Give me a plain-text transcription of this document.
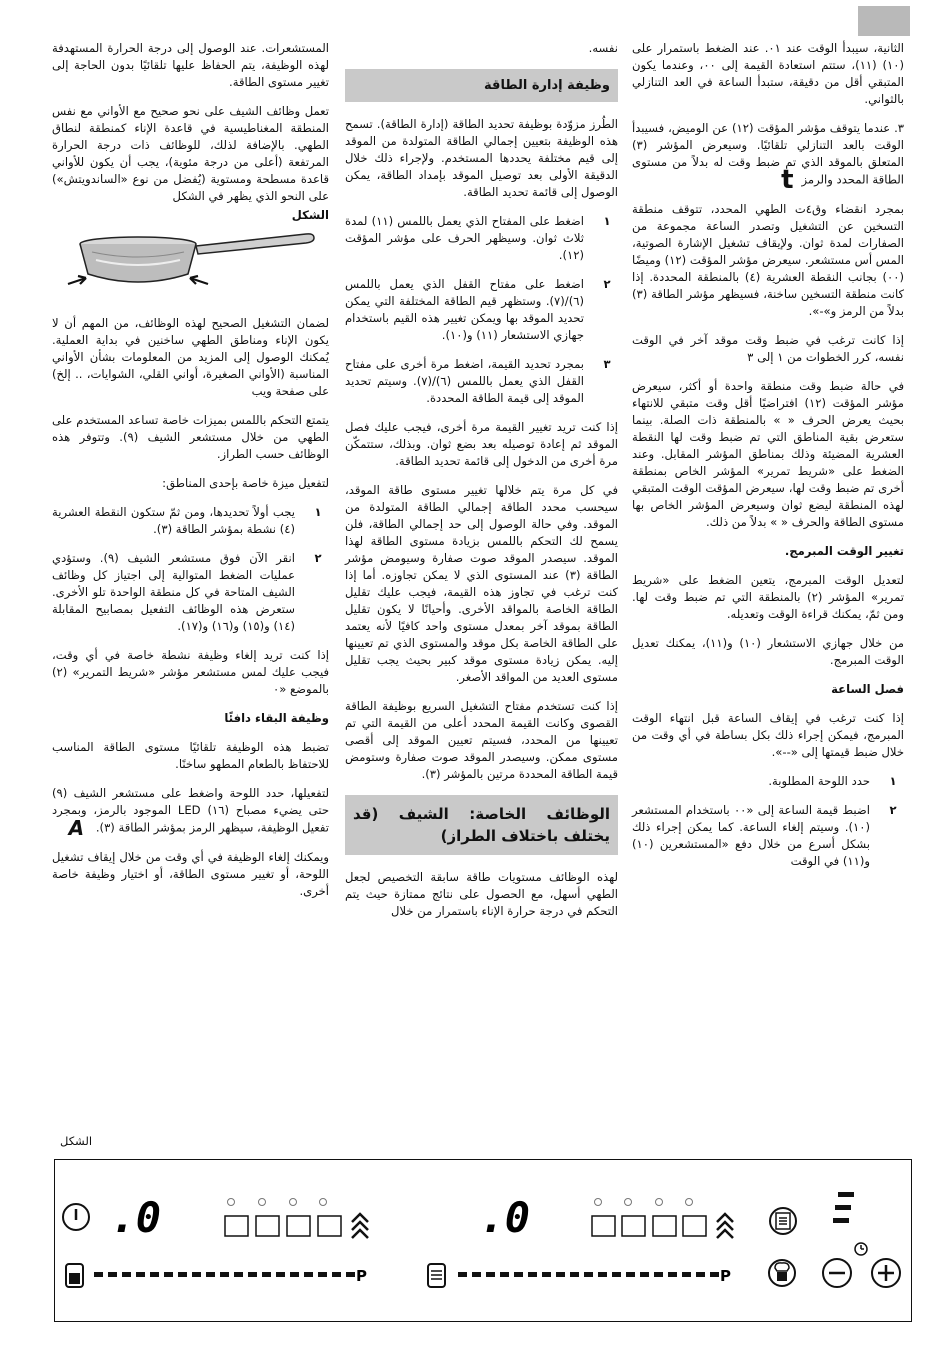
الثانية، سيبدأ الوقت عند ٠١. عند الضغط باستمرار على (١٠) (١١)، ستتم استعادة القيمة إلى ٠٠، وعندما يكون المتبقي أقل من دقيقة، ستبدأ الساعة في العد التنازلي بالثواني.

٣. عندما يتوقف مؤشر المؤقت (١٢) عن الوميض، فسيبدأ الوقت بالعد التنازلي تلقائيًا. وسيعرض المؤشر (٣) المتعلق بالموقد الذي تم ضبط وقت له بدلاً من مستوى الطاقة المحدد والرمزt

بمجرد انقضاء وق٤ت الطهي المحدد، تتوقف منطقة التسخين عن التشغيل وتصدر الساعة مجموعة من الصفارات لمدة ثوان. ولإيقاف تشغيل الإشارة الصوتية، المس أس مستشعر. سيعرض مؤشر المؤقت (١٢) وميضًا (٠٠) بجانب النقطة العشرية (٤) بالمنطقة المحددة. إذا كانت منطقة التسخين ساخنة، فسيظهر مؤشر الطاقة (٣) بدلاً من الرمز و»-».

إذا كانت ترغب في ضبط وقت موقد آخر في الوقت نفسه، كرر الخطوات من ١ إلى ٣

في حالة ضبط وقت منطقة واحدة أو أكثر، سيعرض مؤشر المؤقت (١٢) افتراضيًا أقل وقت متبقي للانتهاء بحيث يعرض الحرف « » بالمنطقة ذات الصلة. بينما ستعرض بقية المناطق التي تم ضبط وقت لها النقطة العشرية المضيئة وذلك بمناطق المؤشر المقابل. وعند الضغط على «شريط تمرير» المؤشر الخاص بمنطقة أخرى تم ضبط وقت لها، سيعرض المؤقت الوقت المتبقي لهذه المنطقة ليضع ثوان وسيعرض المؤشر الخاص بها مستوى الطاقة والحرف « » بدلاً من ذلك.

تغيير الوقت المبرمج.

لتعديل الوقت المبرمج، يتعين الضغط على «شريط تمرير» المؤشر (٢) بالمنطقة التي تم ضبط وقت لها. ومن ثمّ، يمكنك قراءة الوقت وتعديله.

من خلال جهازي الاستشعار (١٠) و(١١)، يمكنك تعديل الوقت المبرمج.

فصل الساعة

إذا كنت ترغب في إيقاف الساعة قبل انتهاء الوقت المبرمج، فيمكن إجراء ذلك بكل بساطة في أي وقت من خلال ضبط قيمتها إلى «--».

١
حدد اللوحة المطلوبة.
٢
اضبط قيمة الساعة إلى «٠٠ باستخدام المستشعر (١٠). وسيتم إلغاء الساعة. كما يمكن إجراء ذلك بشكل أسرع من خلال دفع «المستشعرين (١٠) و(١١) في الوقت

نفسه.

وظيفة إدارة الطاقة

الطُرز مزوّدة بوظيفة تحديد الطاقة (إدارة الطاقة). تسمح هذه الوظيفة بتعيين إجمالي الطاقة المتولدة من الموقد إلى قيم مختلفة يحددها المستخدم. ولإجراء ذلك خلال الدقيقة الأولى بعد توصيل الموقد بإمداد الطاقة، يمكن الوصول إلى قائمة تحديد الطاقة.

١
اضغط على المفتاح الذي يعمل باللمس (١١) لمدة ثلاث ثوان. وسيظهر الحرف على مؤشر المؤقت (١٢).
٢
اضغط على مفتاح القفل الذي يعمل باللمس (٦)/(٧). وستظهر قيم الطاقة المختلفة التي يمكن تحديد الموقد بها ويمكن تغيير هذه القيم باستخدام جهازي الاستشعار (١١) و(١٠).
٣
بمجرد تحديد القيمة، اضغط مرة أخرى على مفتاح القفل الذي يعمل باللمس (٦)/(٧). وسيتم تحديد الموقد إلى قيمة الطاقة المحددة.

إذا كنت تريد تغيير القيمة مرة أخرى، فيجب عليك فصل الموقد ثم إعادة توصيله بعد بضع ثوان. وبذلك، ستتمكّن مرة أخرى من الدخول إلى قائمة تحديد الطاقة.

في كل مرة يتم خلالها تغيير مستوى طاقة الموقد، سيحسب محدد الطاقة إجمالي الطاقة المتولدة من الموقد. وفي حالة الوصول إلى حد إجمالي الطاقة، فلن يسمح لك التحكم باللمس بزيادة مستوى الطاقة لهذا الموقد. سيصدر الموقد صوت صفارة وسيومض مؤشر الطاقة (٣) عند المستوى الذي لا يمكن تجاوزه. أما إذا كنت ترغب في تجاوز هذه القيمة، فيجب عليك تقليل الطاقة الخاصة بالمواقد الأخرى. وأحيانًا لا يكون تقليل الطاقة بموقد آخر بمعدل مستوى واحد كافيًا لأنه يعتمد على الطاقة الخاصة بكل موقد والمستوى الذي تم تعيينها إليه. يمكن زيادة مستوى موقد كبير بحيث يجب تقليل مستوى العديد من المواقد الأصغر.

إذا كنت تستخدم مفتاح التشغيل السريع بوظيفة الطاقة القصوى وكانت القيمة المحدد أعلى من القيمة التي تم تعيينها من المحدد، فسيتم تعيين الموقد إلى أقصى مستوى ممكن. وسيصدر الموقد صوت صفارة وستومض قيمة الطاقة المحددة مرتين بالمؤشر (٣).

الوظائف الخاصة: الشيف (قد يختلف باختلاف الطراز)

لهذه الوظائف مستويات طاقة سابقة التخصيص لجعل الطهي أسهل، مع الحصول على نتائج ممتازة حيث يتم التحكم في درجة حرارة الإناء باستمرار من خلال

المستشعرات. عند الوصول إلى درجة الحرارة المستهدفة لهذه الوظيفة، يتم الحفاظ عليها تلقائيًا بدون الحاجة إلى تغيير مستوى الطاقة.

تعمل وظائف الشيف على نحو صحيح مع الأواني مع نفس المنطقة المغناطيسية في قاعدة الإناء كمنطقة لنطاق الطهي. بالإضافة لذلك، للوظائف ذات درجة الحرارة المرتفعة (أعلى من درجة مئوية)، يجب أن يكون للأواني قاعدة مسطحة ومستوية (يُفضل من نوع «الساندويتش») على النحو الذي يظهر في الشكل

الشكل

لضمان التشغيل الصحيح لهذه الوظائف، من المهم أن لا يكون الإناء ومناطق الطهي ساخنين في بداية العملية. يُمكنك الوصول إلى المزيد من المعلومات بشأن الأواني المناسبة (الأواني الصغيرة، أواني القلي، الشوايات، .. إلخ) على صفحة ويب

يتمتع التحكم باللمس بميزات خاصة تساعد المستخدم على الطهي من خلال مستشعر الشيف (٩). وتتوفر هذه الوظائف حسب الطراز.

لتفعيل ميزة خاصة بإحدى المناطق:

١
يجب أولاً تحديدها، ومن ثمّ ستكون النقطة العشرية (٤) نشطة بمؤشر الطاقة (٣).
٢
انقر الآن فوق مستشعر الشيف (٩). وستؤدي عمليات الضغط المتوالية إلى اجتياز كل وظائف الشيف المتاحة في كل منطقة الواحدة تلو الأخرى. ستعرض هذه الوظائف التفعيل بمصابيح المقابلة (١٤) و(١٥) و(١٦) و(١٧).

إذا كنت تريد إلغاء وظيفة نشطة خاصة في أي وقت، فيجب عليك لمس مستشعر مؤشر «شريط التمرير» (٢) بالموضع «٠

وظيفة البقاء دافئًا

تضبط هذه الوظيفة تلقائيًا مستوى الطاقة المناسب للاحتفاظ بالطعام المطهو ساخنًا.

لتفعيلها، حدد اللوحة واضغط على مستشعر الشيف (٩) حتى يضيء مصباح (١٦) LED الموجود بالرمز، وبمجرد تفعيل الوظيفة، سيظهر الرمز بمؤشر الطاقة (٣). A

ويمكنك إلغاء الوظيفة في أي وقت من خلال إيقاف تشغيل اللوحة، أو تغيير مستوى الطاقة، أو اختيار وظيفة خاصة أخرى.

الشكل
0.
P
0.
P
